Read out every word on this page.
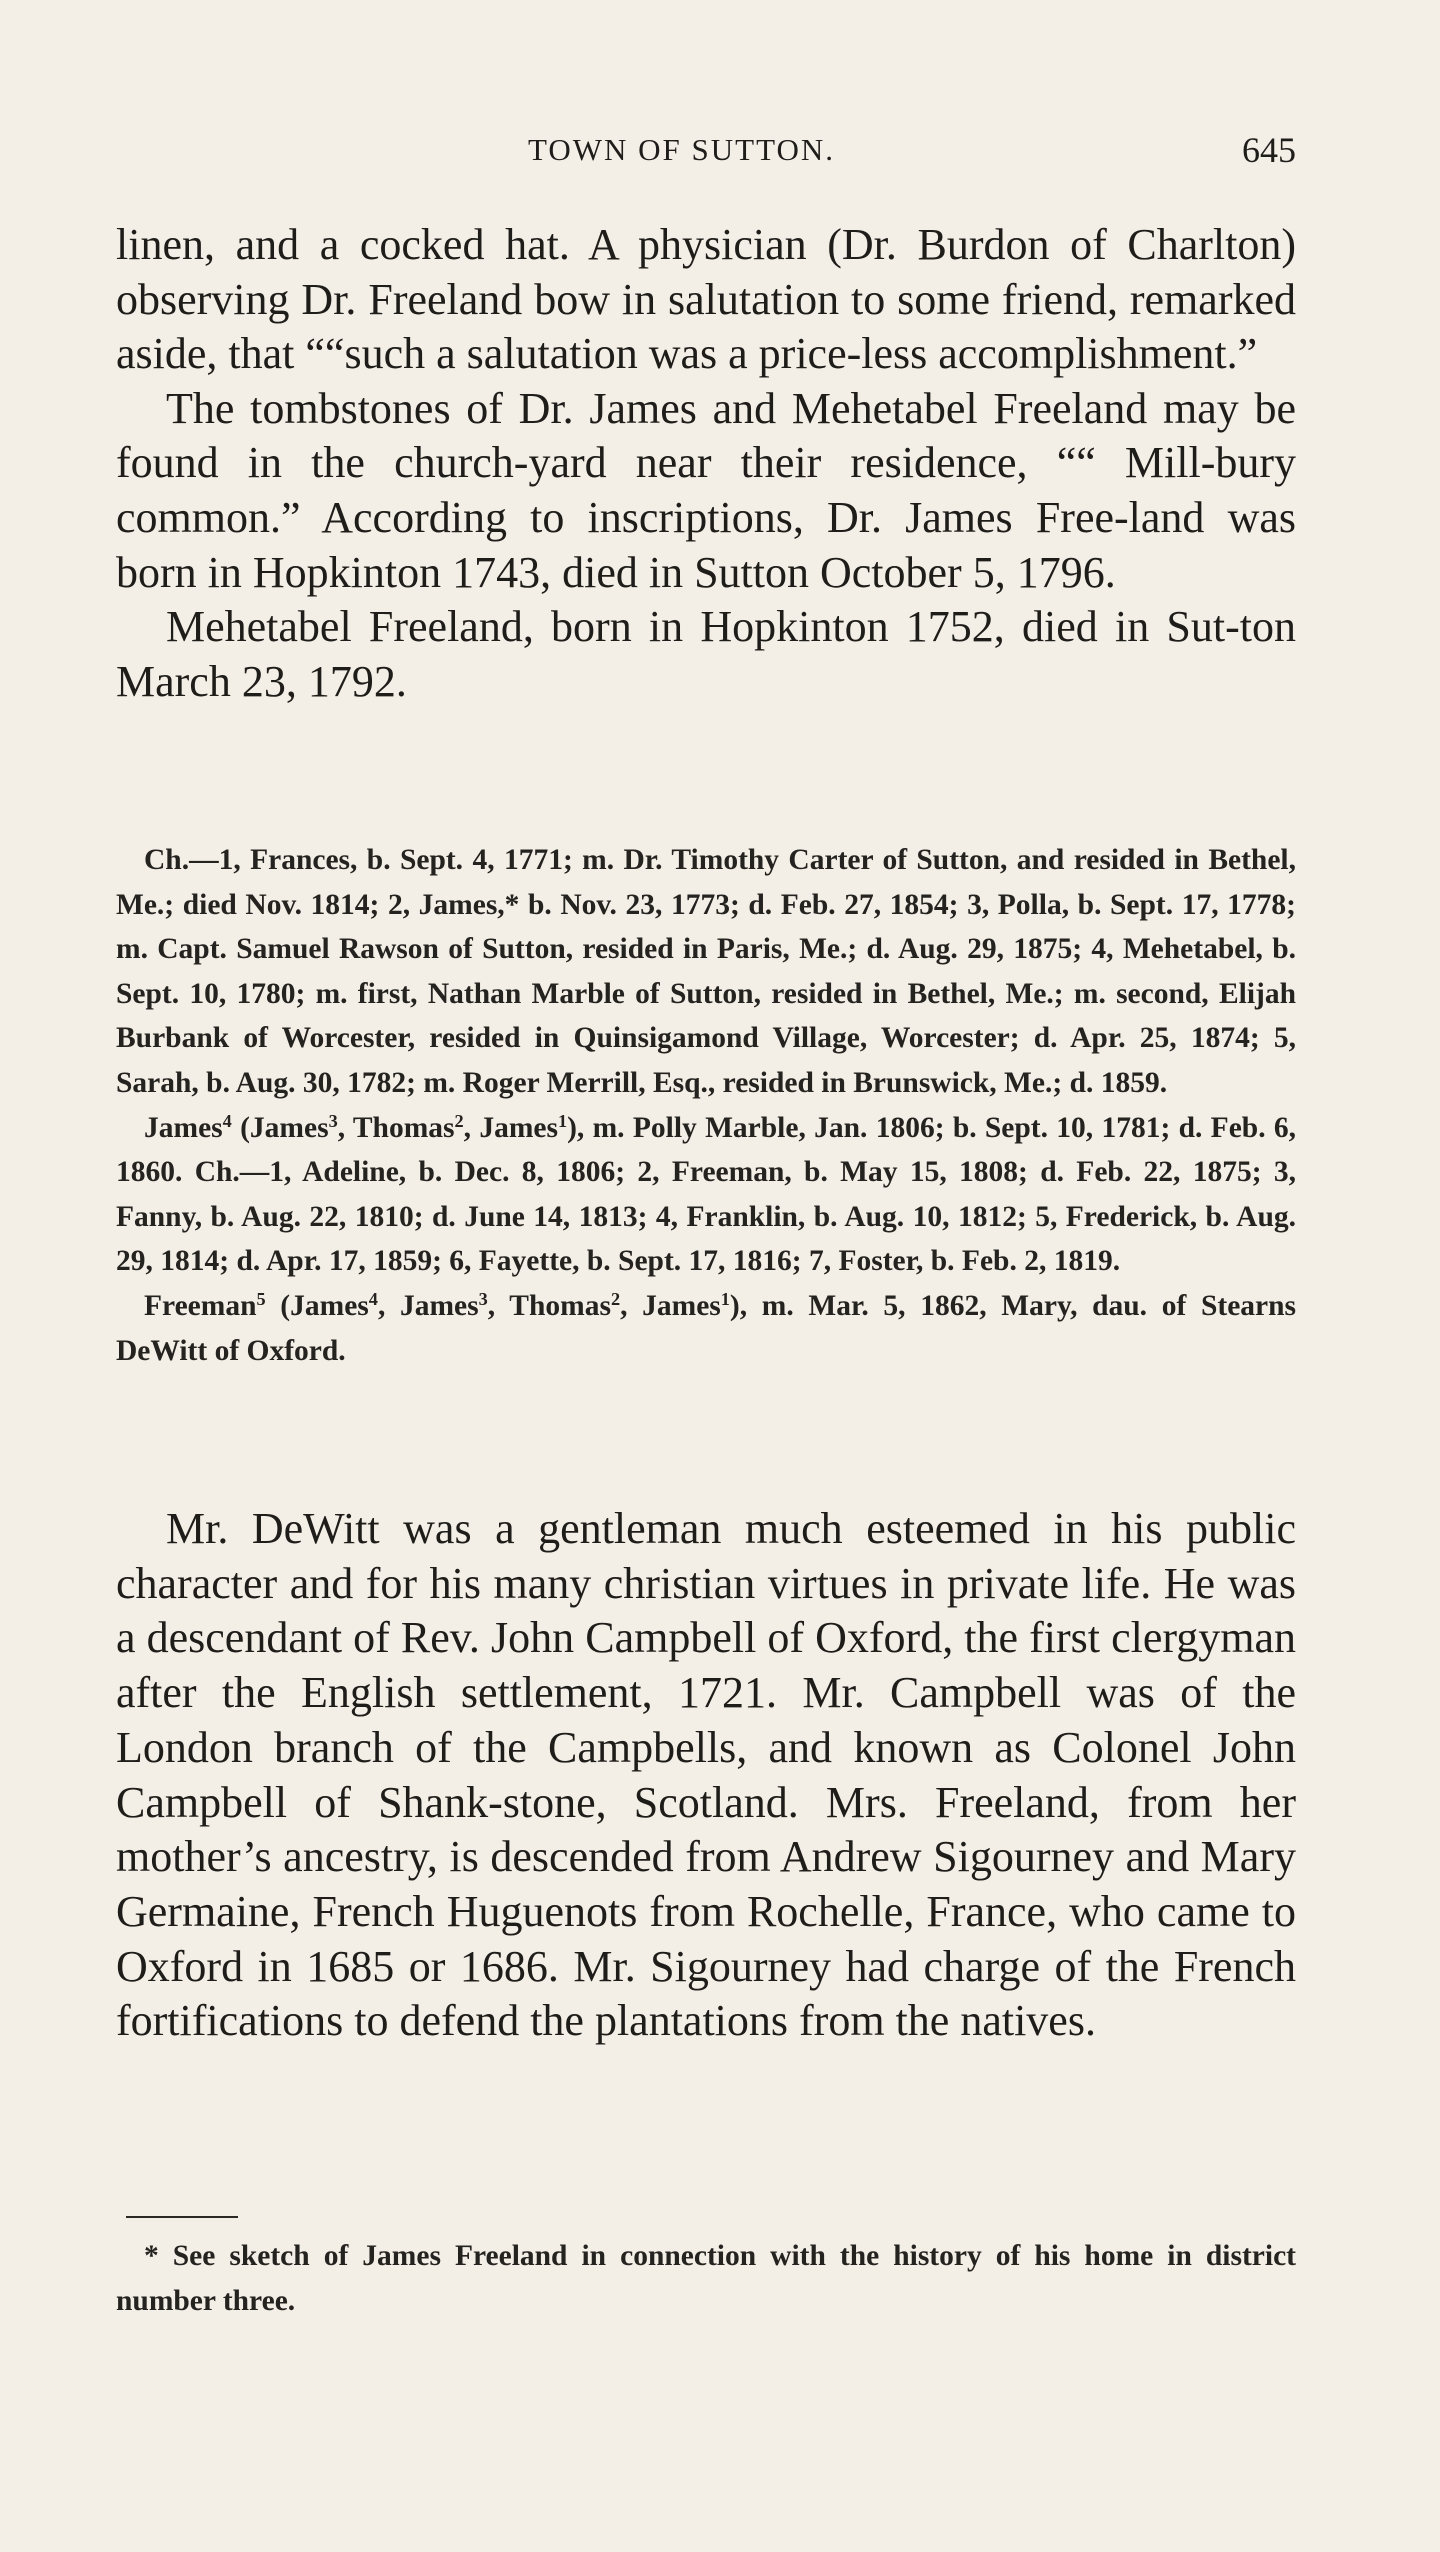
TOWN OF SUTTON.	645

linen, and a cocked hat. A physician (Dr. Burdon of Charlton) observing Dr. Freeland bow in salutation to some friend, remarked aside, that ““such a salutation was a price-less accomplishment.”

The tombstones of Dr. James and Mehetabel Freeland may be found in the church-yard near their residence, ““ Mill-bury common.” According to inscriptions, Dr. James Free-land was born in Hopkinton 1743, died in Sutton October 5, 1796.

Mehetabel Freeland, born in Hopkinton 1752, died in Sut-ton March 23, 1792.

Ch.—1, Frances, b. Sept. 4, 1771; m. Dr. Timothy Carter of Sutton, and resided in Bethel, Me.; died Nov. 1814; 2, James,* b. Nov. 23, 1773; d. Feb. 27, 1854; 3, Polla, b. Sept. 17, 1778; m. Capt. Samuel Rawson of Sutton, resided in Paris, Me.; d. Aug. 29, 1875; 4, Mehetabel, b. Sept. 10, 1780; m. first, Nathan Marble of Sutton, resided in Bethel, Me.; m. second, Elijah Burbank of Worcester, resided in Quinsigamond Village, Worcester; d. Apr. 25, 1874; 5, Sarah, b. Aug. 30, 1782; m. Roger Merrill, Esq., resided in Brunswick, Me.; d. 1859.

James$^4$ (James$^3$, Thomas$^2$, James$^1$), m. Polly Marble, Jan. 1806; b. Sept. 10, 1781; d. Feb. 6, 1860. Ch.—1, Adeline, b. Dec. 8, 1806; 2, Freeman, b. May 15, 1808; d. Feb. 22, 1875; 3, Fanny, b. Aug. 22, 1810; d. June 14, 1813; 4, Franklin, b. Aug. 10, 1812; 5, Frederick, b. Aug. 29, 1814; d. Apr. 17, 1859; 6, Fayette, b. Sept. 17, 1816; 7, Foster, b. Feb. 2, 1819.

Freeman$^5$ (James$^4$, James$^3$, Thomas$^2$, James$^1$), m. Mar. 5, 1862, Mary, dau. of Stearns DeWitt of Oxford.

Mr. DeWitt was a gentleman much esteemed in his public character and for his many christian virtues in private life. He was a descendant of Rev. John Campbell of Oxford, the first clergyman after the English settlement, 1721. Mr. Campbell was of the London branch of the Campbells, and known as Colonel John Campbell of Shank-stone, Scotland. Mrs. Freeland, from her mother’s ancestry, is descended from Andrew Sigourney and Mary Germaine, French Huguenots from Rochelle, France, who came to Oxford in 1685 or 1686. Mr. Sigourney had charge of the French fortifications to defend the plantations from the natives.

* See sketch of James Freeland in connection with the history of his home in district number three.
